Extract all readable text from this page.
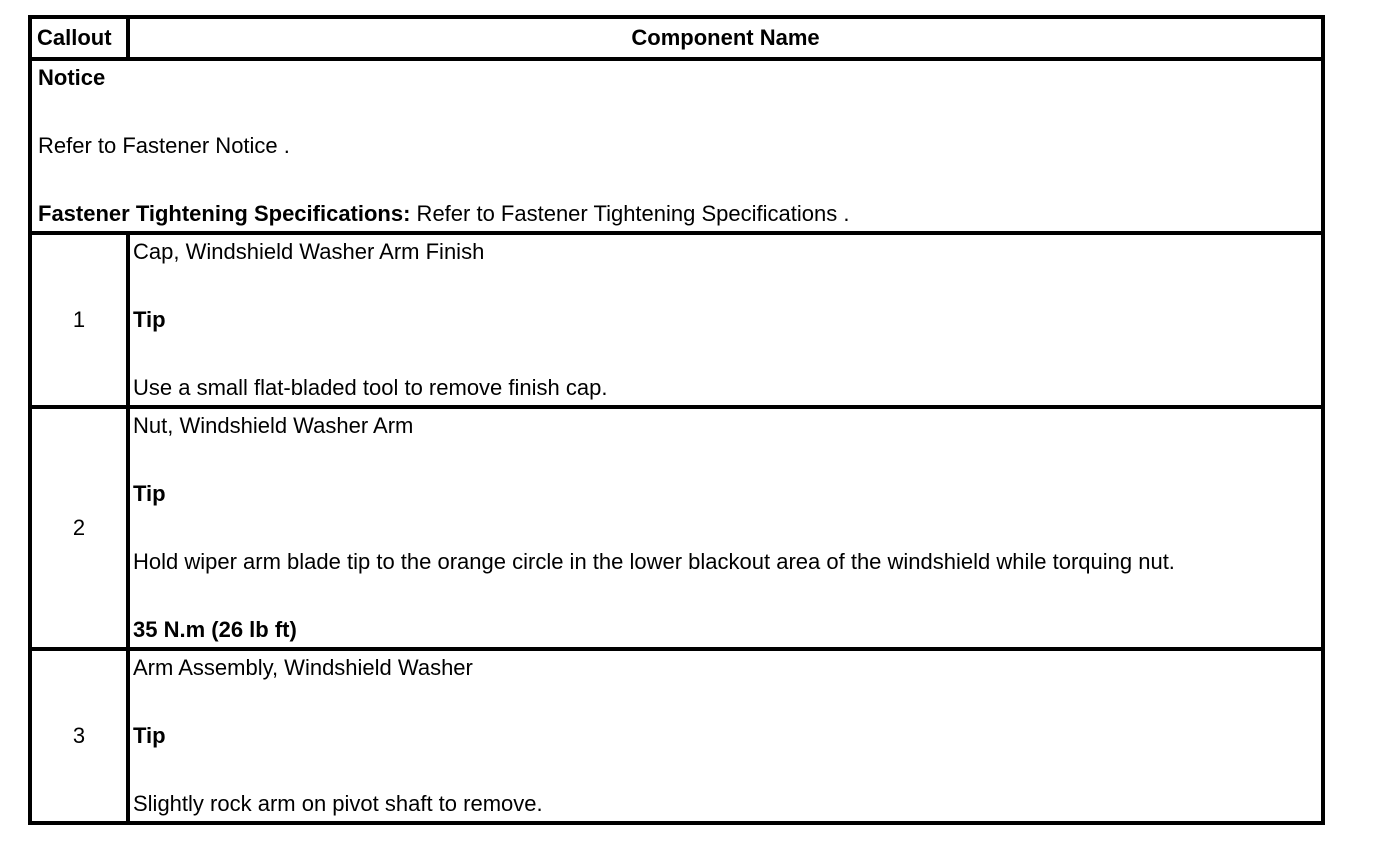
Callout	Component Name

Notice
Refer to Fastener Notice .
Fastener Tightening Specifications: Refer to Fastener Tightening Specifications .	

1	Cap, Windshield Washer Arm Finish
Tip
Use a small flat-bladed tool to remove finish cap.

2	Nut, Windshield Washer Arm
Tip
Hold wiper arm blade tip to the orange circle in the lower blackout area of the windshield while torquing nut.
35 N.m (26 lb ft)

3	Arm Assembly, Windshield Washer
Tip
Slightly rock arm on pivot shaft to remove.
